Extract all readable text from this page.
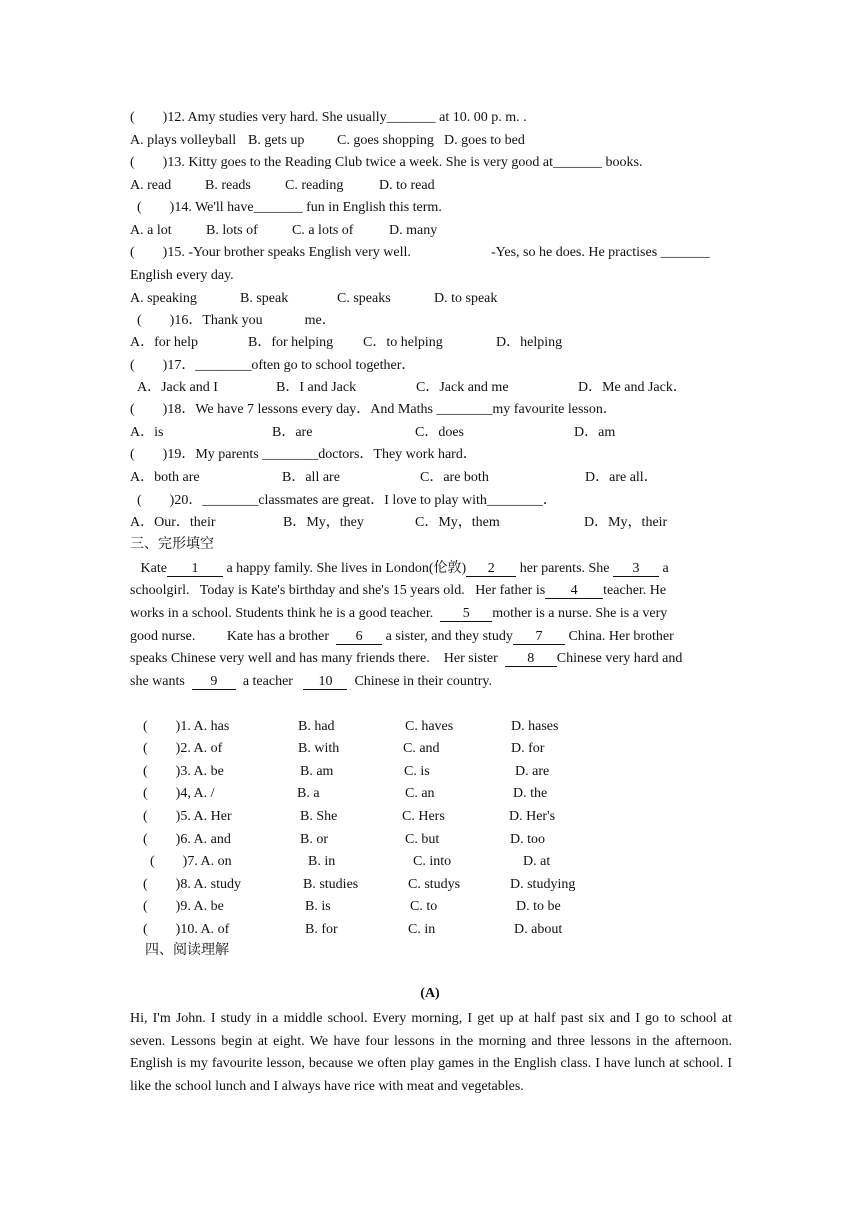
(        )12. Amy studies very hard. She usually_______ at 10. 00 p. m. .
A. plays volleyball B. gets up C. goes shopping D. goes to bed
(        )13. Kitty goes to the Reading Club twice a week. She is very good at_______ books.
A. read B. reads C. reading	D. to read
(        )14. We'll have_______ fun in English this term.
A. a lot B. lots of C. a lots of	D. many
(        )15. -Your brother speaks English very well.	-Yes, so he does. He practises _______
English every day.
A. speaking	B. speak	C. speaks	D. to speak
(        )16．Thank you            me．
A．for help	B．for helping C．to helping	D．helping
(        )17．________often go to school together．
A．Jack and I	B．I and Jack	C．Jack and me	D．Me and Jack．
(        )18．We have 7 lessons every day．And Maths ________my favourite lesson．
A．is	B．are	C．does	D．am
(        )19．My parents ________doctors．They work hard．
A．both are	B．all are	C．are both	D．are all．
(        )20．________classmates are great．I love to play with________．
A．Our．their	B．My，they	C．My，them	D．My，their
三、完形填空
Kate 1 a happy family. She lives in London(伦敦) 2 her parents. She 3 a
schoolgirl.   Today is Kate's birthday and she's 15 years old.   Her father is 4 teacher. He
works in a school. Students think he is a good teacher.  5 mother is a nurse. She is a very
good nurse.         Kate has a brother  6 a sister, and they study 7 China. Her brother
speaks Chinese very well and has many friends there.    Her sister  8 Chinese very hard and
she wants  9  a teacher   10  Chinese in their country.
(        )1. A. has	B. had	C. haves	D. hases
(        )2. A. of	B. with	C. and	D. for
(        )3. A. be	B. am	C. is	D. are
(        )4, A. /	B. a	C. an	D. the
(        )5. A. Her	B. She	C. Hers	D. Her's
(        )6. A. and	B. or	C. but	D. too
(        )7. A. on	B. in	C. into	D. at
(        )8. A. study	B. studies	C. studys	D. studying
(        )9. A. be	B. is	C. to	D. to be
(        )10. A. of	B. for	C. in	D. about
四、阅读理解
(A)
Hi, I'm John. I study in a middle school. Every morning, I get up at half past six and I go to school at seven. Lessons begin at eight. We have four lessons in the morning and three lessons in the afternoon. English is my favourite lesson, because we often play games in the English class. I have lunch at school. I like the school lunch and I always have rice with meat and vegetables.
